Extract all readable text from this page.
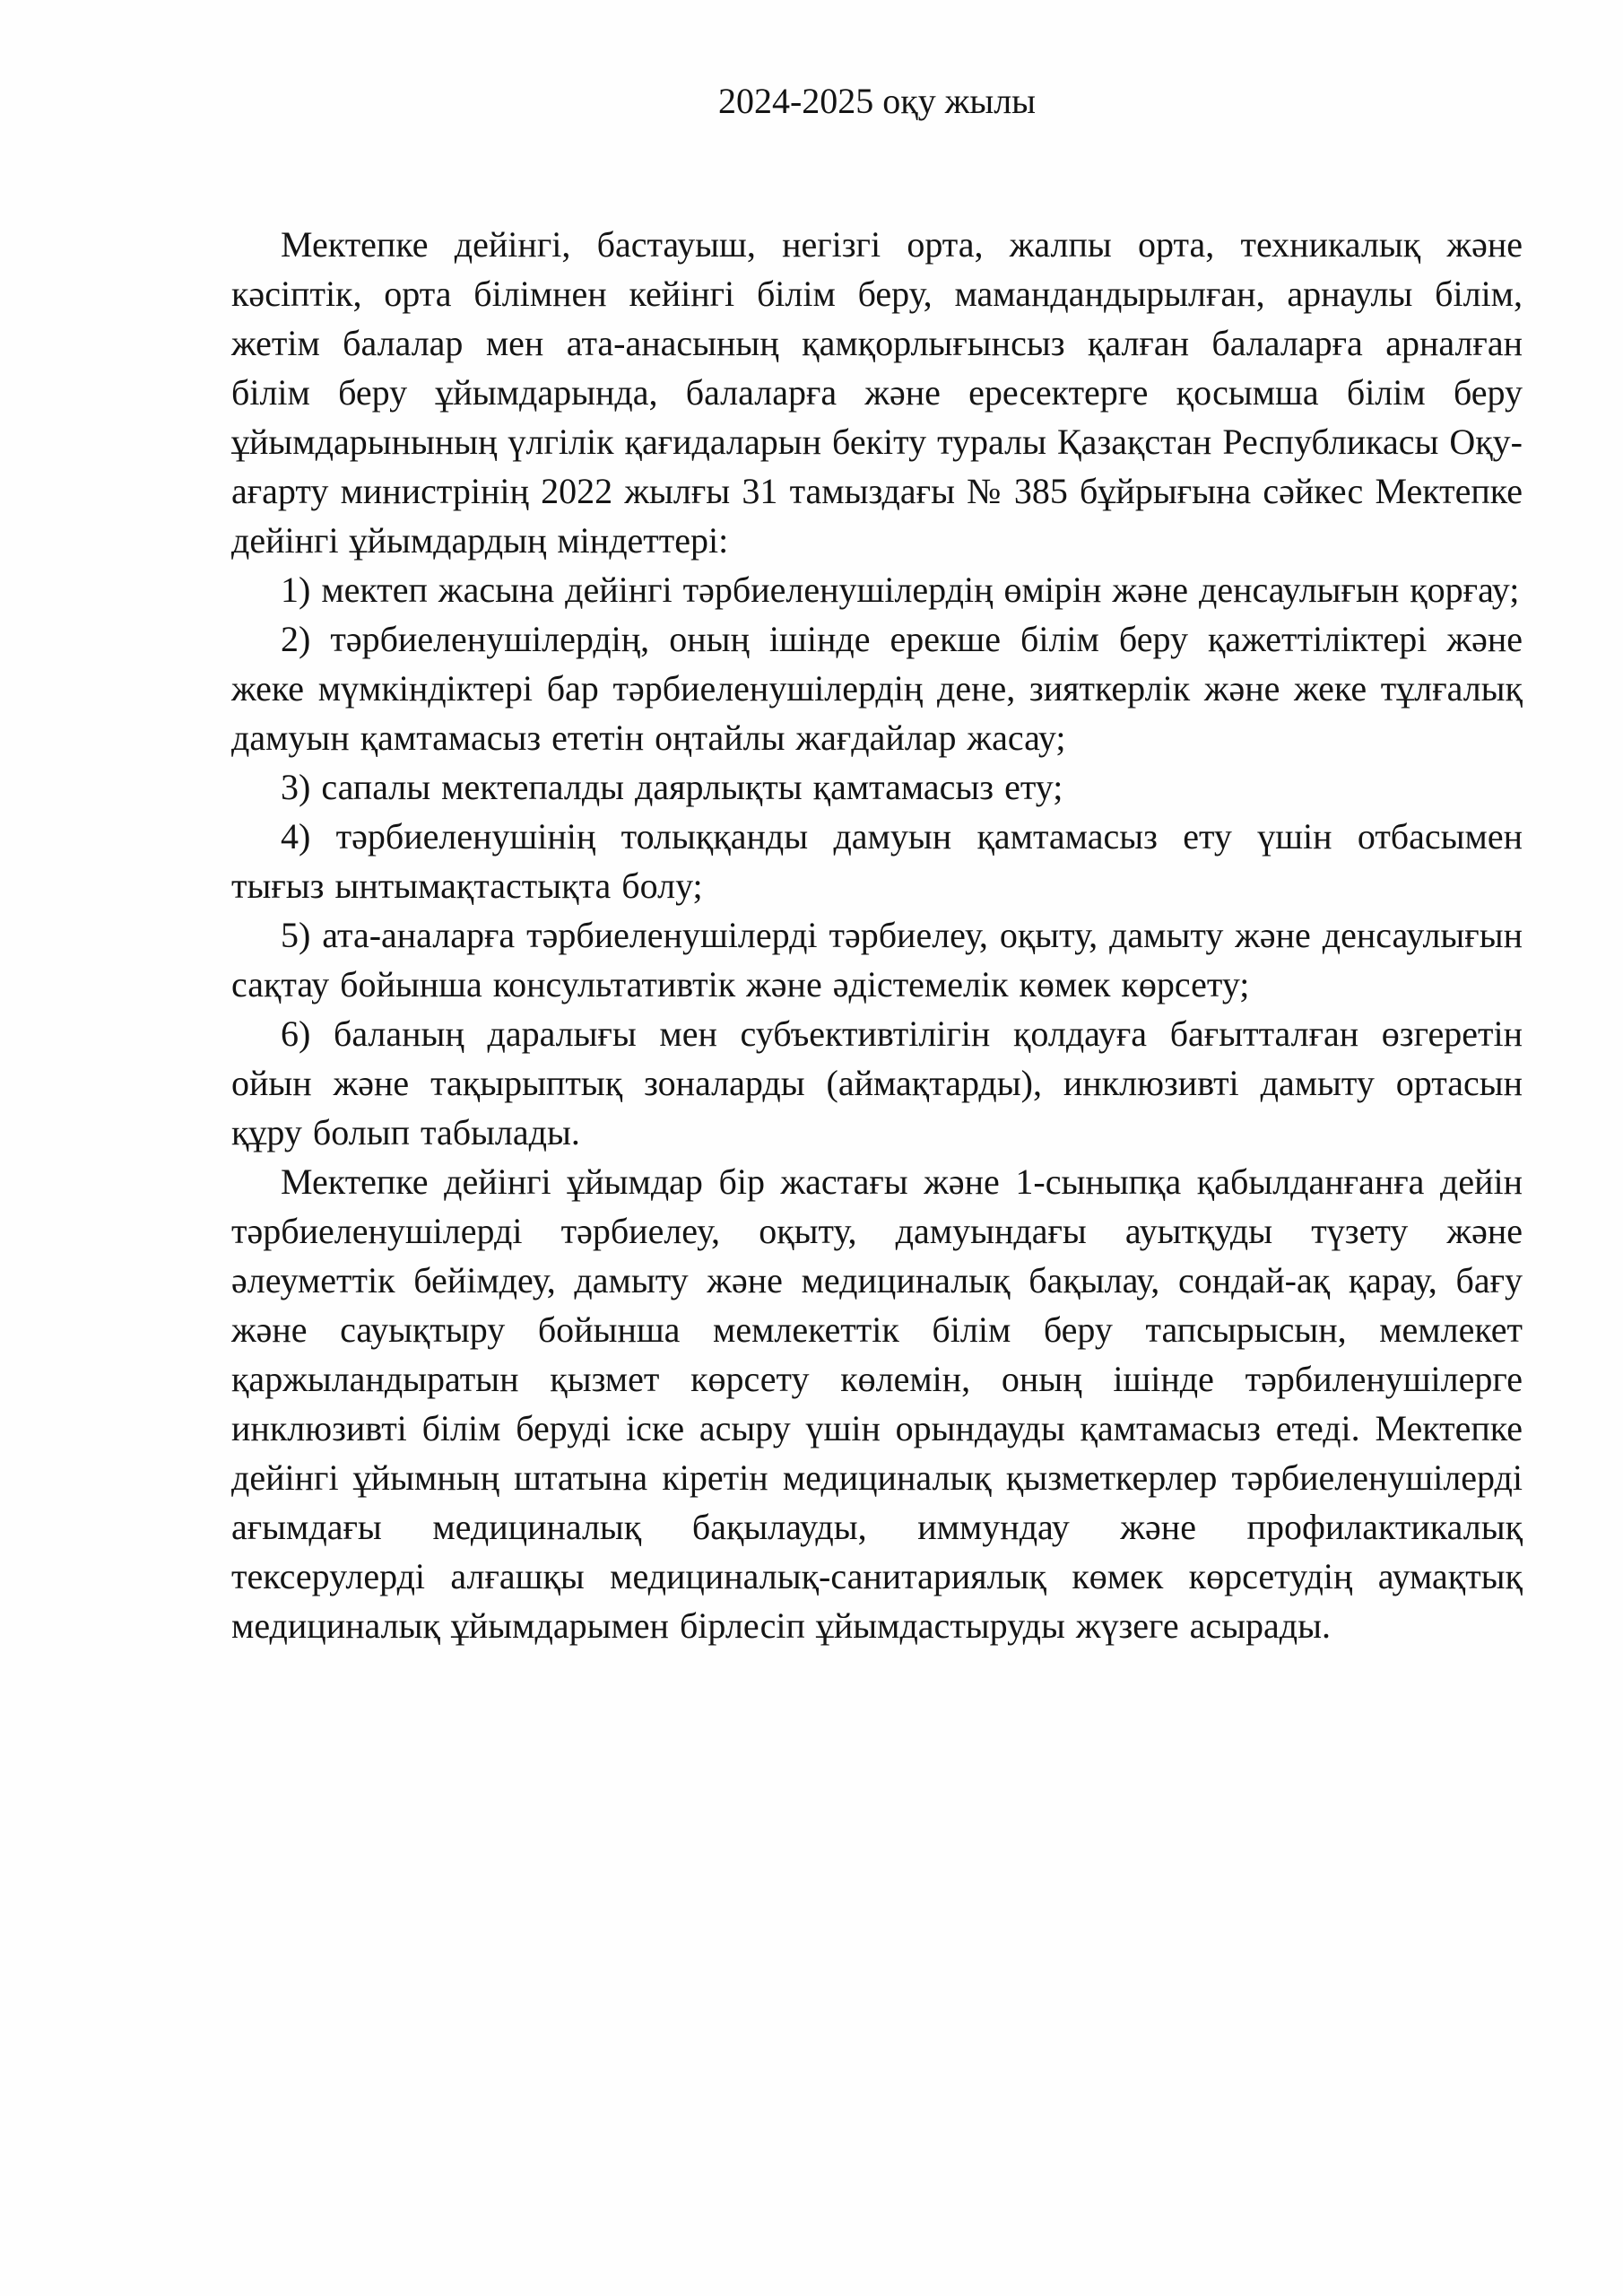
2024-2025 оқу жылы

Мектепке дейінгі, бастауыш, негізгі орта, жалпы орта, техникалық және кәсіптік, орта білімнен кейінгі білім беру, мамандандырылған, арнаулы білім, жетім балалар мен ата-анасының қамқорлығынсыз қалған балаларға арналған білім беру ұйымдарында, балаларға және ересектерге қосымша білім беру ұйымдарынының үлгілік қағидаларын бекіту туралы Қазақстан Республикасы Оқу-ағарту министрінің 2022 жылғы 31 тамыздағы № 385 бұйрығына сәйкес Мектепке дейінгі ұйымдардың міндеттері:

1) мектеп жасына дейінгі тәрбиеленушілердің өмірін және денсаулығын қорғау;

2) тәрбиеленушілердің, оның ішінде ерекше білім беру қажеттіліктері және жеке мүмкіндіктері бар тәрбиеленушілердің дене, зияткерлік және жеке тұлғалық дамуын қамтамасыз ететін оңтайлы жағдайлар жасау;

3) сапалы мектепалды даярлықты қамтамасыз ету;

4) тәрбиеленушінің толыққанды дамуын қамтамасыз ету үшін отбасымен тығыз ынтымақтастықта болу;

5) ата-аналарға тәрбиеленушілерді тәрбиелеу, оқыту, дамыту және денсаулығын сақтау бойынша консультативтік және әдістемелік көмек көрсету;

6) баланың даралығы мен субъективтілігін қолдауға бағытталған өзгеретін ойын және тақырыптық зоналарды (аймақтарды), инклюзивті дамыту ортасын құру болып табылады.

Мектепке дейінгі ұйымдар бір жастағы және 1-сыныпқа қабылданғанға дейін тәрбиеленушілерді тәрбиелеу, оқыту, дамуындағы ауытқуды түзету және әлеуметтік бейімдеу, дамыту және медициналық бақылау, сондай-ақ қарау, бағу және сауықтыру бойынша мемлекеттік білім беру тапсырысын, мемлекет қаржыландыратын қызмет көрсету көлемін, оның ішінде тәрбиленушілерге инклюзивті білім беруді іске асыру үшін орындауды қамтамасыз етеді. Мектепке дейінгі ұйымның штатына кіретін медициналық қызметкерлер тәрбиеленушілерді ағымдағы медициналық бақылауды, иммундау және профилактикалық тексерулерді алғашқы медициналық-санитариялық көмек көрсетудің аумақтық медициналық ұйымдарымен бірлесіп ұйымдастыруды жүзеге асырады.
